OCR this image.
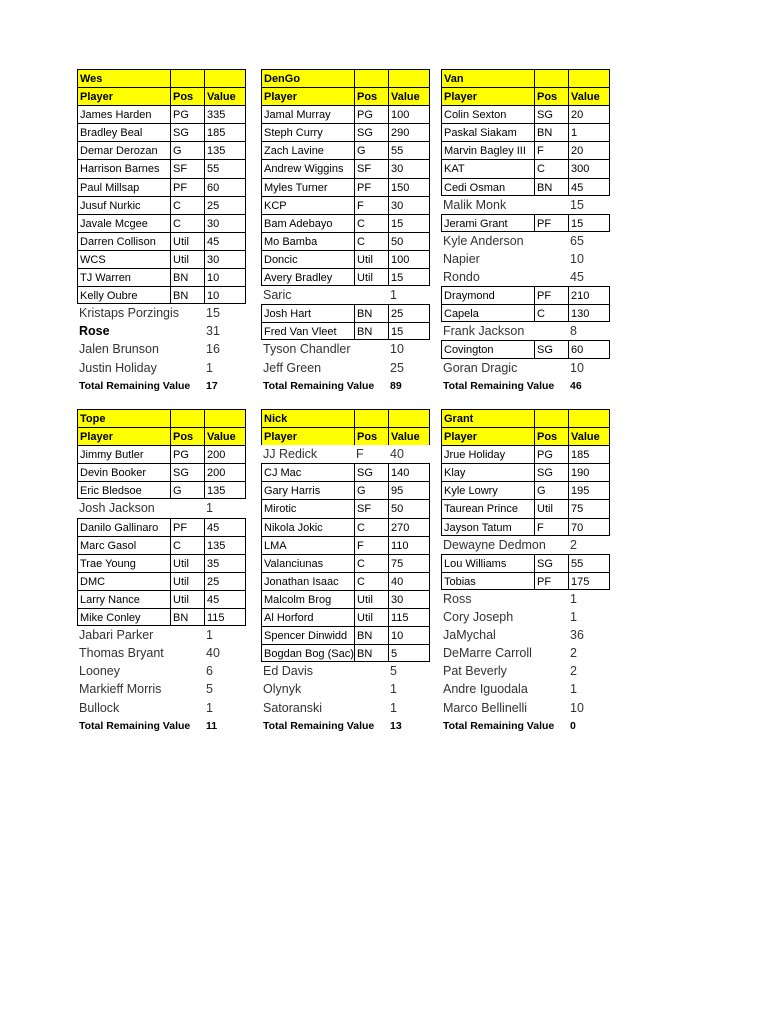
Wes
Player	Pos	Value
James Harden	PG	335
Bradley Beal	SG	185
Demar Derozan	G	135
Harrison Barnes	SF	55
Paul Millsap	PF	60
Jusuf Nurkic	C	25
Javale Mcgee	C	30
Darren Collison	Util	45
WCS	Util	30
TJ Warren	BN	10
Kelly Oubre	BN	10
Kristaps Porzingis 15
Rose	31
Jalen Brunson	16
Justin Holiday	1
Total Remaining Value	17
DenGo
Player	Pos	Value
Jamal Murray	PG	100
Steph Curry	SG	290
Zach Lavine	G	55
Andrew Wiggins	SF	30
Myles Turner	PF	150
KCP	F	30
Bam Adebayo	C	15
Mo Bamba	C	50
Doncic	Util	100
Avery Bradley	Util	15
Saric	1
Josh Hart	BN	25
Fred Van Vleet	BN	15
Tyson Chandler	10
Jeff Green	25
Total Remaining Value	89
Van
Player	Pos	Value
Colin Sexton	SG	20
Paskal Siakam	BN	1
Marvin Bagley III	F	20
KAT	C	300
Cedi Osman	BN	45
Malik Monk	15
Jerami Grant	PF	15
Kyle Anderson	65
Napier	10
Rondo	45
Draymond	PF	210
Capela	C	130
Frank Jackson	8
Covington	SG	60
Goran Dragic	10
Total Remaining Value	46
Tope
Player	Pos	Value
Jimmy Butler	PG	200
Devin Booker	SG	200
Eric Bledsoe	G	135
Josh Jackson	1
Danilo Gallinaro	PF	45
Marc Gasol	C	135
Trae Young	Util	35
DMC	Util	25
Larry Nance	Util	45
Mike Conley	BN	115
Jabari Parker	1
Thomas Bryant	40
Looney	6
Markieff Morris	5
Bullock	1
Total Remaining Value	11
Nick
Player	Pos	Value
JJ Redick	F	40
CJ Mac	SG	140
Gary Harris	G	95
Mirotic	SF	50
Nikola Jokic	C	270
LMA	F	110
Valanciunas	C	75
Jonathan Isaac	C	40
Malcolm Brog	Util	30
Al Horford	Util	115
Spencer Dinwidd BN	10
Bogdan Bog (Sac) BN	5
Ed Davis	5
Olynyk	1
Satoranski	1
Total Remaining Value	13
Grant
Player	Pos	Value
Jrue Holiday	PG	185
Klay	SG	190
Kyle Lowry	G	195
Taurean Prince	Util	75
Jayson Tatum	F	70
Dewayne Dedmon 2
Lou Williams	SG	55
Tobias	PF	175
Ross	1
Cory Joseph	1
JaMychal	36
DeMarre Carroll	2
Pat Beverly	2
Andre Iguodala	1
Marco Bellinelli	10
Total Remaining Value	0
